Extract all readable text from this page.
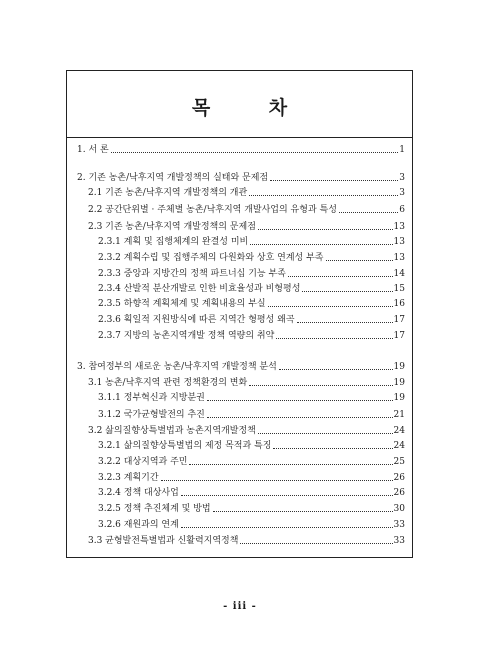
목 차
1. 서 론	1
2. 기존 농촌/낙후지역 개발정책의 실태와 문제점	3
2.1 기존 농촌/낙후지역 개발정책의 개관	3
2.2 공간단위별 · 주체별 농촌/낙후지역 개발사업의 유형과 특성	6
2.3 기존 농촌/낙후지역 개발정책의 문제점	13
2.3.1 계획 및 집행체계의 완결성 미비	13
2.3.2 계획수립 및 집행주체의 다원화와 상호 연계성 부족	13
2.3.3 중앙과 지방간의 정책 파트너십 기능 부족	14
2.3.4 산발적 분산개발로 인한 비효율성과 비형평성	15
2.3.5 하향적 계획체계 및 계획내용의 부실	16
2.3.6 획일적 지원방식에 따른 지역간 형평성 왜곡	17
2.3.7 지방의 농촌지역개발 정책 역량의 취약	17
3. 참여정부의 새로운 농촌/낙후지역 개발정책 분석	19
3.1 농촌/낙후지역 관련 정책환경의 변화	19
3.1.1 정부혁신과 지방분권	19
3.1.2 국가균형발전의 추진	21
3.2 삶의질향상특별법과 농촌지역개발정책	24
3.2.1 삶의질향상특별법의 제정 목적과 특징	24
3.2.2 대상지역과 주민	25
3.2.3 계획기간	26
3.2.4 정책 대상사업	26
3.2.5 정책 추진체계 및 방법	30
3.2.6 재원과의 연계	33
3.3 균형발전특별법과 신활력지역정책	33
- iii -
